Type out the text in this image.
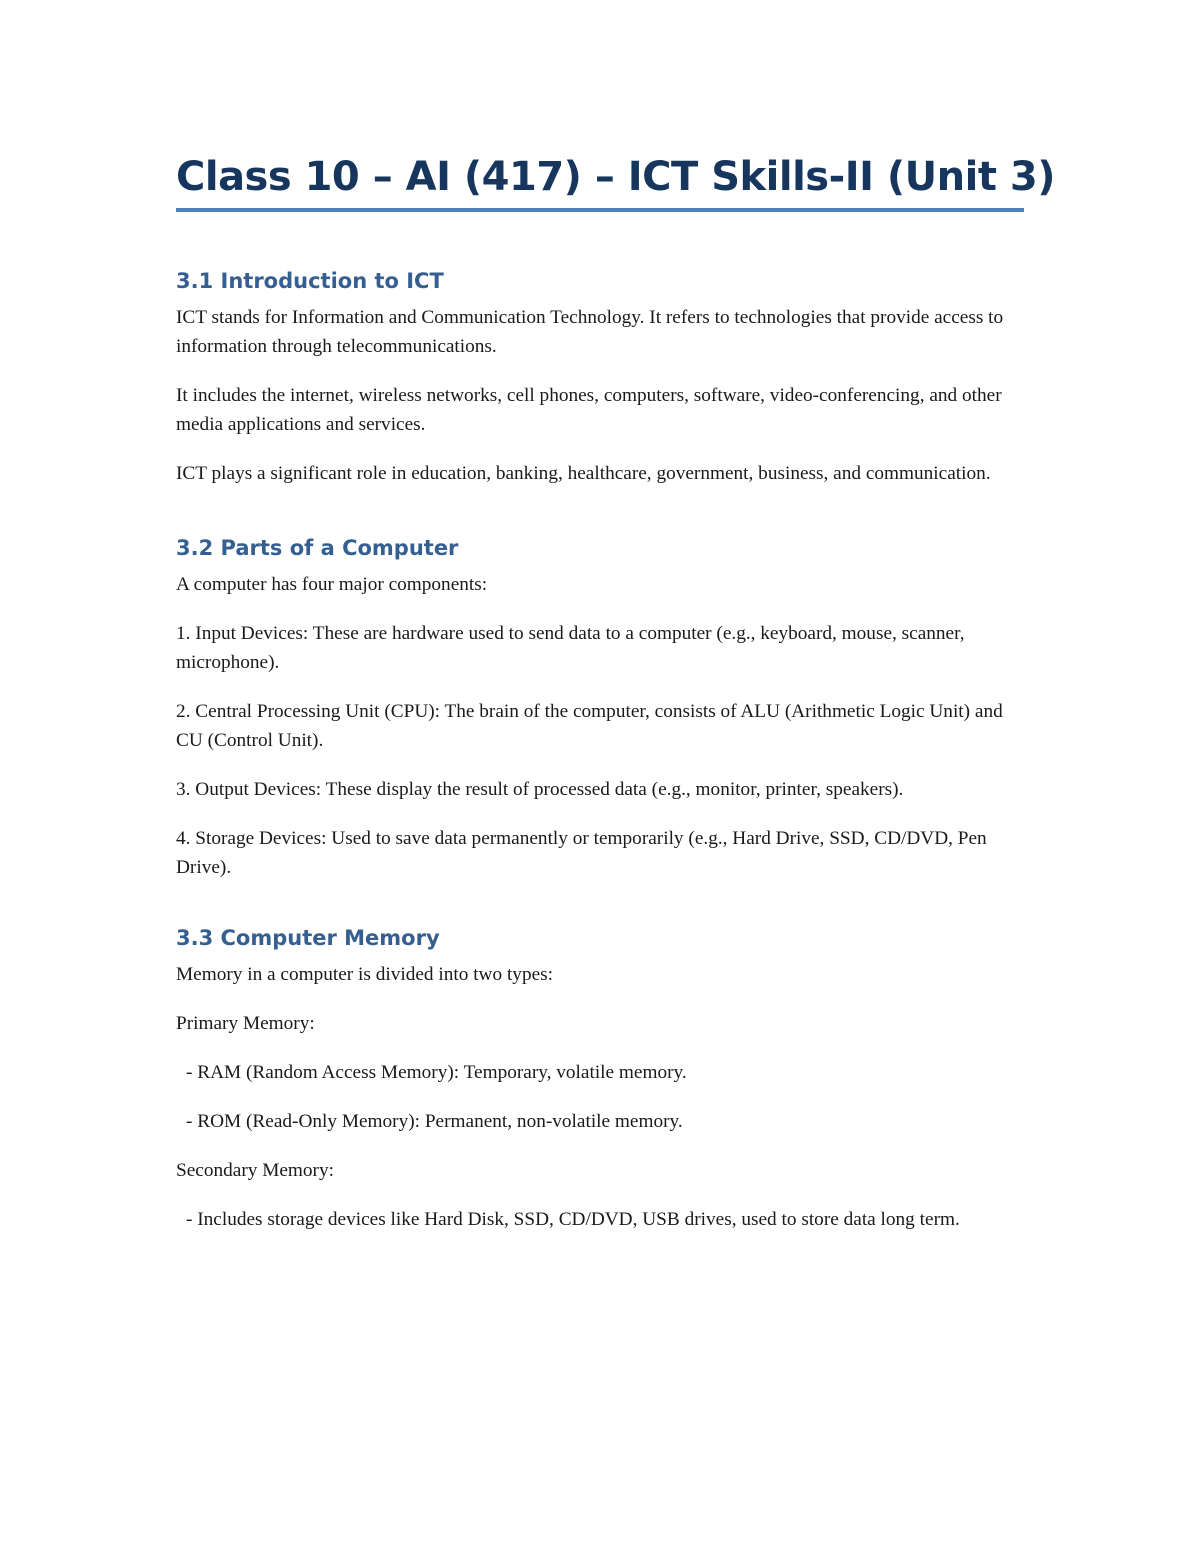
Class 10 – AI (417) – ICT Skills-II (Unit 3)
3.1 Introduction to ICT

ICT stands for Information and Communication Technology. It refers to technologies that provide access to information through telecommunications.

It includes the internet, wireless networks, cell phones, computers, software, video-conferencing, and other media applications and services.

ICT plays a significant role in education, banking, healthcare, government, business, and communication.

3.2 Parts of a Computer

A computer has four major components:

1. Input Devices: These are hardware used to send data to a computer (e.g., keyboard, mouse, scanner, microphone).

2. Central Processing Unit (CPU): The brain of the computer, consists of ALU (Arithmetic Logic Unit) and CU (Control Unit).

3. Output Devices: These display the result of processed data (e.g., monitor, printer, speakers).

4. Storage Devices: Used to save data permanently or temporarily (e.g., Hard Drive, SSD, CD/DVD, Pen Drive).

3.3 Computer Memory

Memory in a computer is divided into two types:

Primary Memory:

- RAM (Random Access Memory): Temporary, volatile memory.

- ROM (Read-Only Memory): Permanent, non-volatile memory.

Secondary Memory:

- Includes storage devices like Hard Disk, SSD, CD/DVD, USB drives, used to store data long term.
